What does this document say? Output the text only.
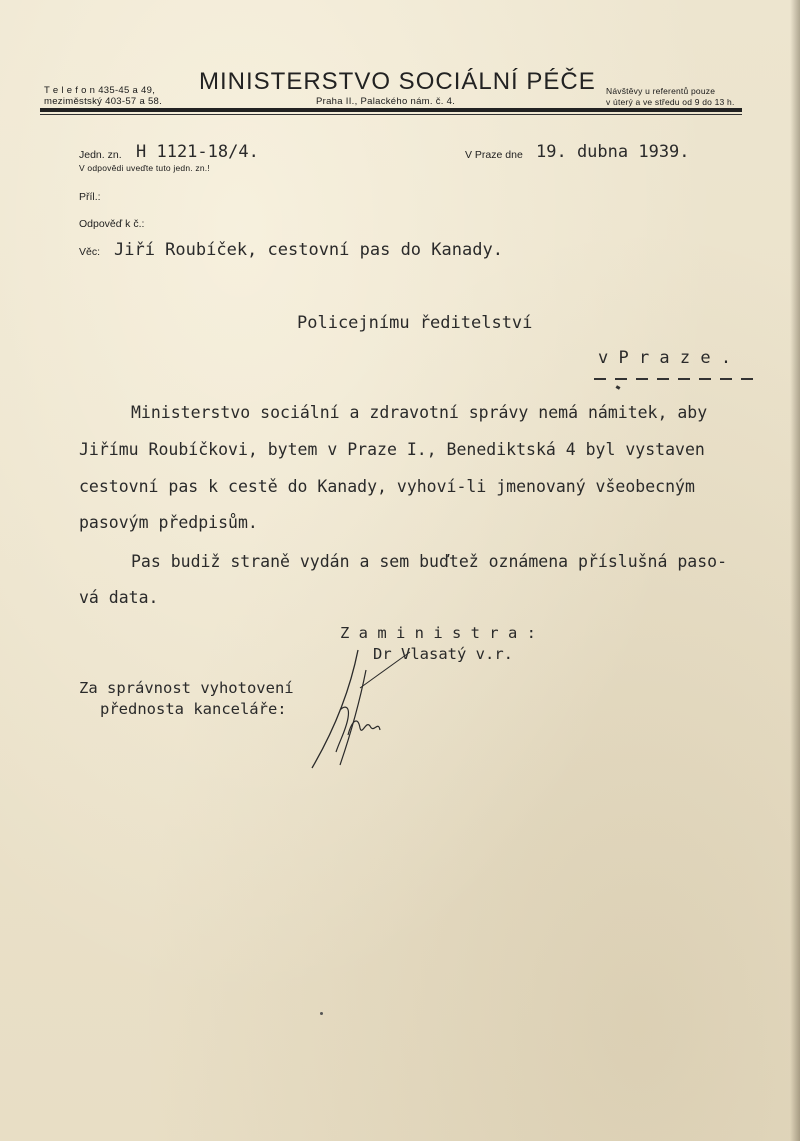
T e l e f o n 435-45 a 49,
meziměstský 403-57 a 58.
MINISTERSTVO SOCIÁLNÍ PÉČE
Praha II., Palackého nám. č. 4.
Návštěvy u referentů pouze
v úterý a ve středu od 9 do 13 h.
Jedn. zn. H 1121-18/4.
V odpovědi uveďte tuto jedn. zn.!
V Praze dne 19. dubna 1939.
Příl.:
Odpověď k č.:
Věc: Jiří Roubíček, cestovní pas do Kanady.
Policejnímu ředitelství
v P r a z e .
Ministerstvo sociální a zdravotní správy nemá námitek, aby
Jiřímu Roubíčkovi, bytem v Praze I., Benediktská 4 byl vystaven
cestovní pas k cestě do Kanady, vyhoví-li jmenovaný všeobecným
pasovým předpisům.
Pas budiž straně vydán a sem buďtež oznámena příslušná paso-
vá data.
Z a m i n i s t r a :
Dr Vlasatý v.r.
Za správnost vyhotovení
přednosta kanceláře:
